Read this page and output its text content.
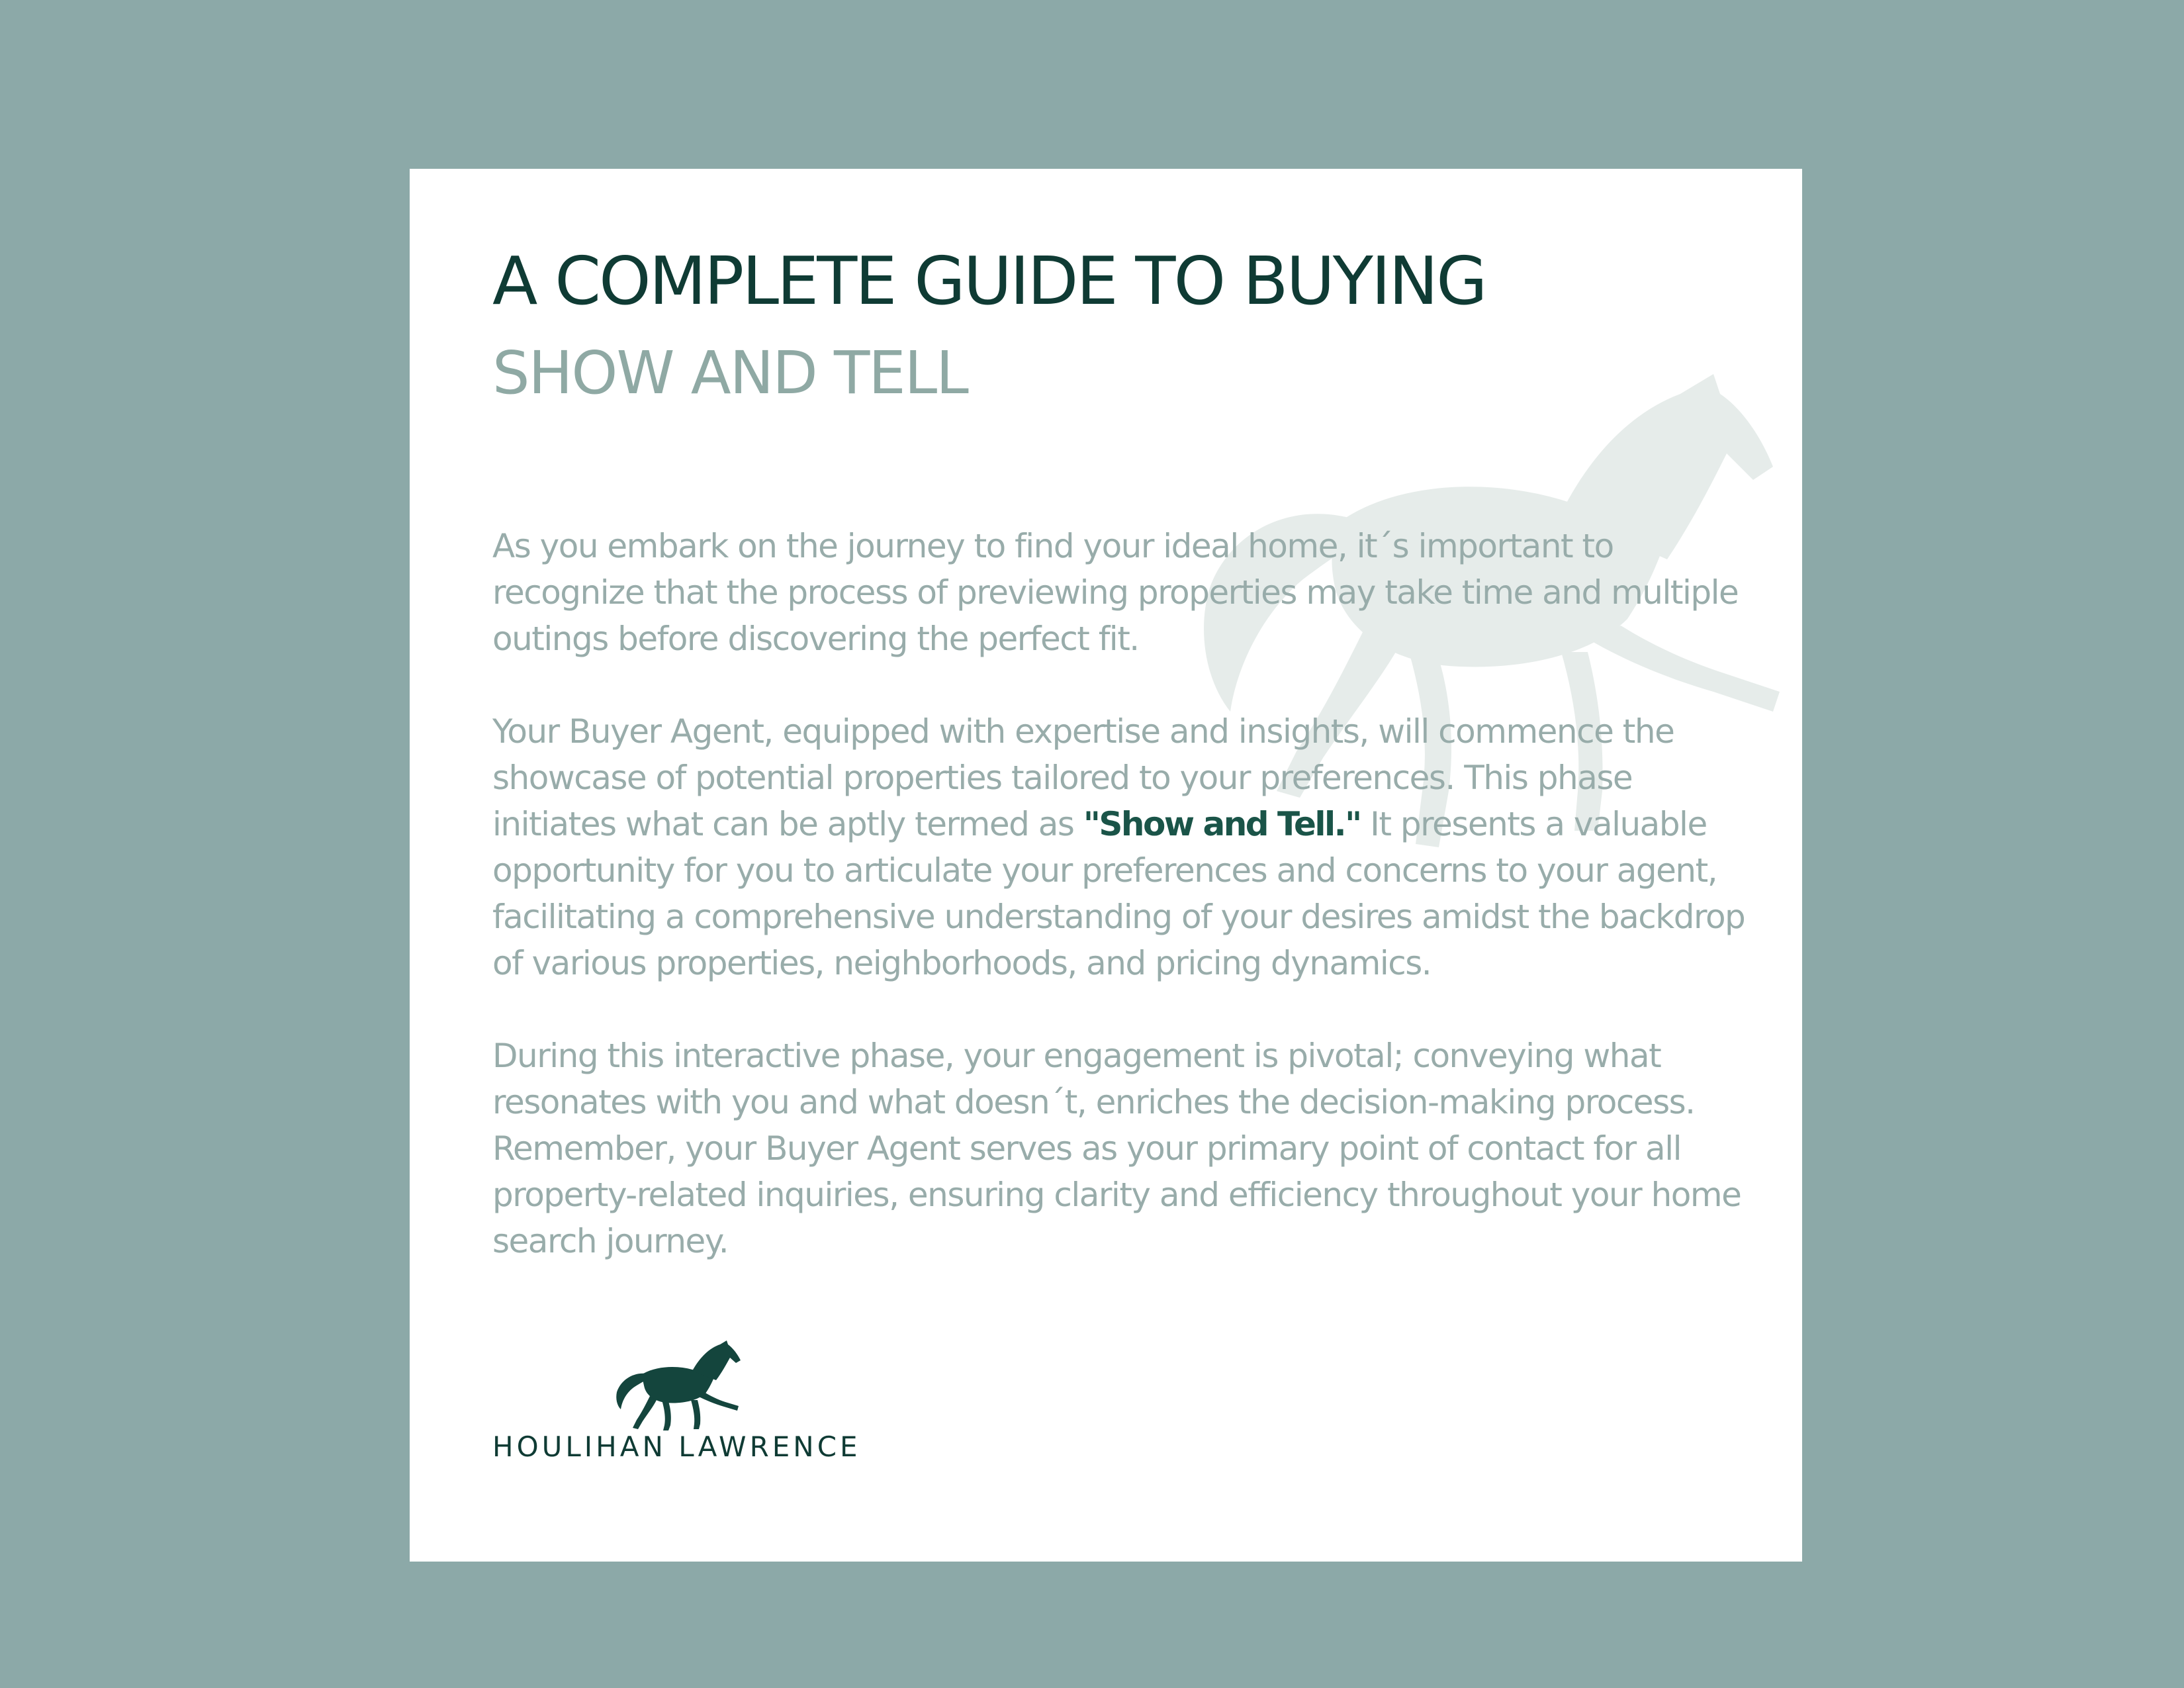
A COMPLETE GUIDE TO BUYING
SHOW AND TELL

As you embark on the journey to find your ideal home, it´s important to recognize that the process of previewing properties may take time and multiple outings before discovering the perfect fit.

Your Buyer Agent, equipped with expertise and insights, will commence the showcase of potential properties tailored to your preferences. This phase initiates what can be aptly termed as "Show and Tell." It presents a valuable opportunity for you to articulate your preferences and concerns to your agent, facilitating a comprehensive understanding of your desires amidst the backdrop of various properties, neighborhoods, and pricing dynamics.

During this interactive phase, your engagement is pivotal; conveying what resonates with you and what doesn´t, enriches the decision-making process. Remember, your Buyer Agent serves as your primary point of contact for all property-related inquiries, ensuring clarity and efficiency throughout your home search journey.

HOULIHAN LAWRENCE
